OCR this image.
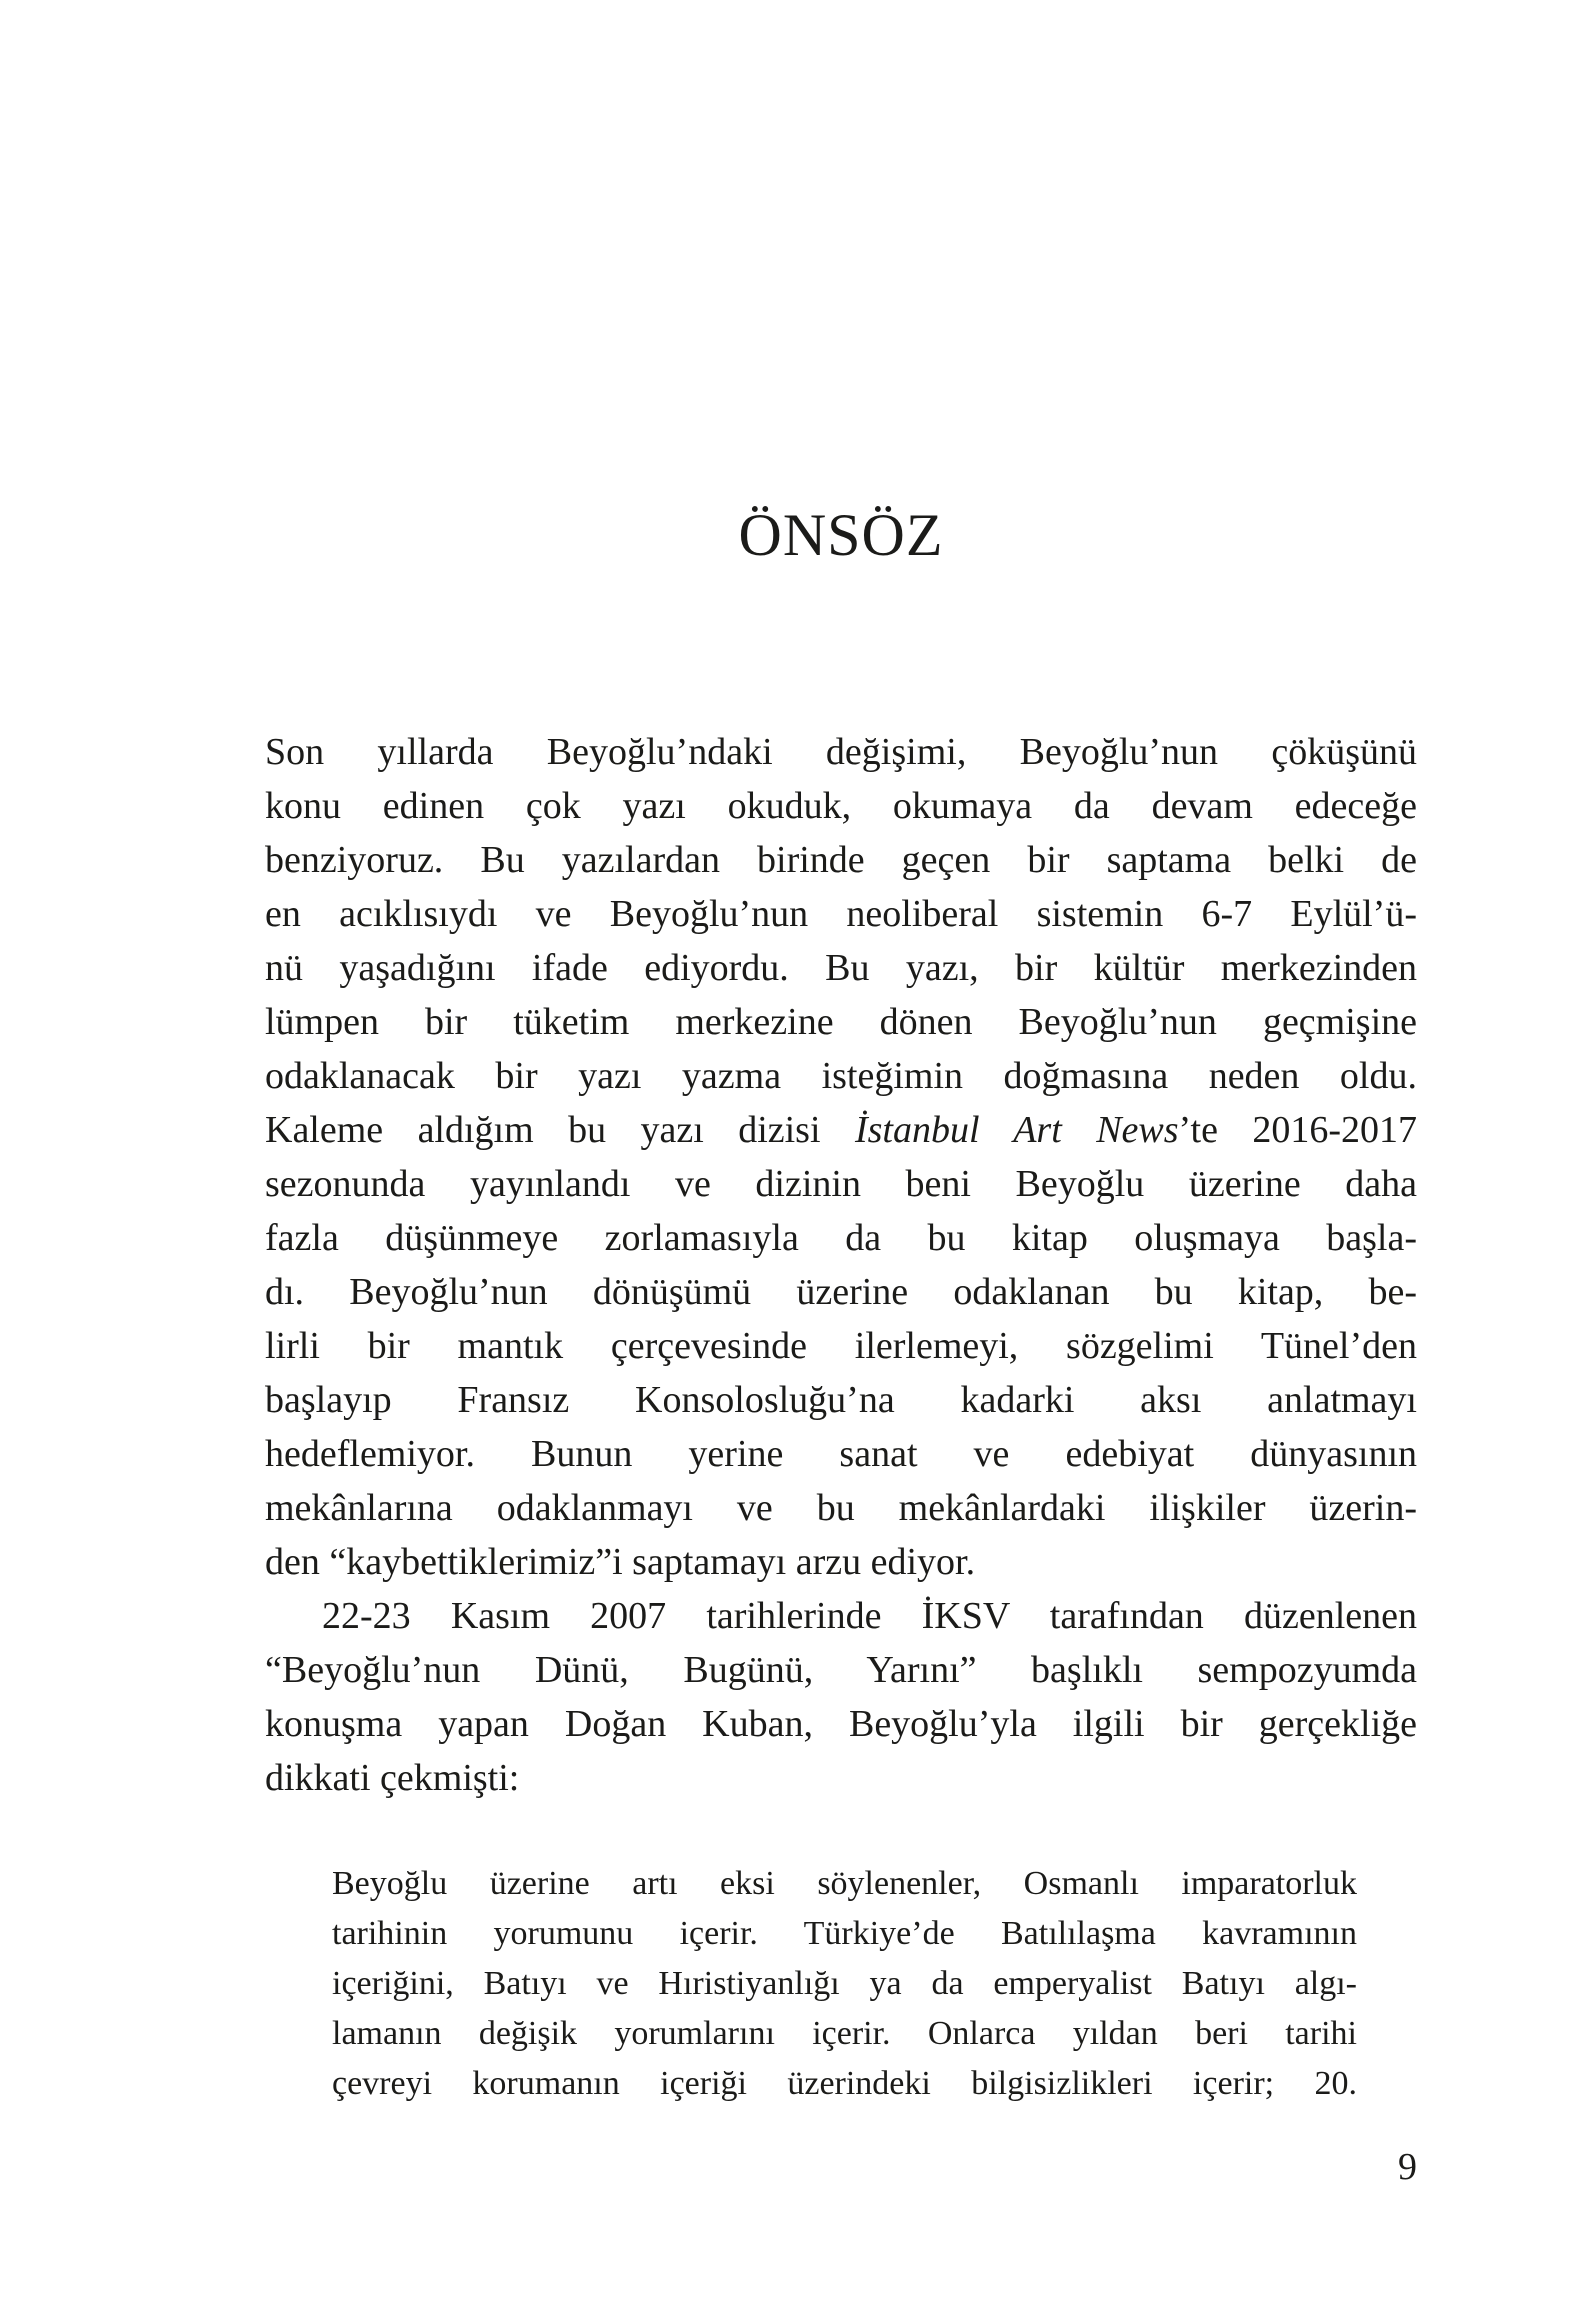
ÖNSÖZ
Son yıllarda Beyoğlu’ndaki değişimi, Beyoğlu’nun çöküşünü
konu edinen çok yazı okuduk, okumaya da devam edeceğe
benziyoruz. Bu yazılardan birinde geçen bir saptama belki de
en acıklısıydı ve Beyoğlu’nun neoliberal sistemin 6-7 Eylül’ü-
nü yaşadığını ifade ediyordu. Bu yazı, bir kültür merkezinden
lümpen bir tüketim merkezine dönen Beyoğlu’nun geçmişine
odaklanacak bir yazı yazma isteğimin doğmasına neden oldu.
Kaleme aldığım bu yazı dizisi İstanbul Art News’te 2016-2017
sezonunda yayınlandı ve dizinin beni Beyoğlu üzerine daha
fazla düşünmeye zorlamasıyla da bu kitap oluşmaya başla-
dı. Beyoğlu’nun dönüşümü üzerine odaklanan bu kitap, be-
lirli bir mantık çerçevesinde ilerlemeyi, sözgelimi Tünel’den
başlayıp Fransız Konsolosluğu’na kadarki aksı anlatmayı
hedeflemiyor. Bunun yerine sanat ve edebiyat dünyasının
mekânlarına odaklanmayı ve bu mekânlardaki ilişkiler üzerin-
den “kaybettiklerimiz”i saptamayı arzu ediyor.
22-23 Kasım 2007 tarihlerinde İKSV tarafından düzenlenen
“Beyoğlu’nun Dünü, Bugünü, Yarını” başlıklı sempozyumda
konuşma yapan Doğan Kuban, Beyoğlu’yla ilgili bir gerçekliğe
dikkati çekmişti:
Beyoğlu üzerine artı eksi söylenenler, Osmanlı imparatorluk
tarihinin yorumunu içerir. Türkiye’de Batılılaşma kavramının
içeriğini, Batıyı ve Hıristiyanlığı ya da emperyalist Batıyı algı-
lamanın değişik yorumlarını içerir. Onlarca yıldan beri tarihi
çevreyi korumanın içeriği üzerindeki bilgisizlikleri içerir; 20.
9
